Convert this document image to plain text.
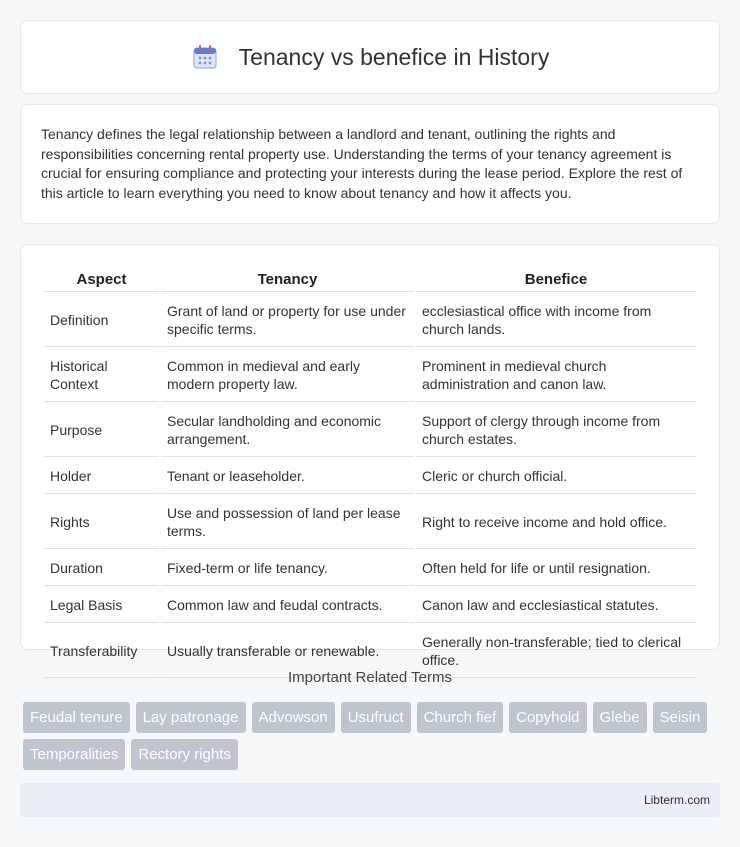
Tenancy vs benefice in History

Tenancy defines the legal relationship between a landlord and tenant, outlining the rights and responsibilities concerning rental property use. Understanding the terms of your tenancy agreement is crucial for ensuring compliance and protecting your interests during the lease period. Explore the rest of this article to learn everything you need to know about tenancy and how it affects you.

Aspect	Tenancy	Benefice
Definition	Grant of land or property for use under specific terms.	ecclesiastical office with income from church lands.
Historical Context	Common in medieval and early modern property law.	Prominent in medieval church administration and canon law.
Purpose	Secular landholding and economic arrangement.	Support of clergy through income from church estates.
Holder	Tenant or leaseholder.	Cleric or church official.
Rights	Use and possession of land per lease terms.	Right to receive income and hold office.
Duration	Fixed-term or life tenancy.	Often held for life or until resignation.
Legal Basis	Common law and feudal contracts.	Canon law and ecclesiastical statutes.
Transferability	Usually transferable or renewable.	Generally non-transferable; tied to clerical office.
Important Related Terms
Feudal tenure	Lay patronage	Advowson	Usufruct	Church fief	Copyhold	Glebe	Seisin
Temporalities	Rectory rights
Libterm.com
